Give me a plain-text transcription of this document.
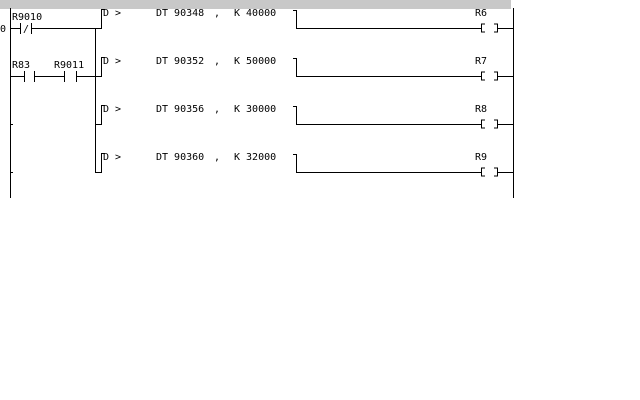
0
R9010
/
R83 R9011
D >	DT 90348 , K 40000	R6
D >	DT 90352 , K 50000	R7
D >	DT 90356 , K 30000	R8
D >	DT 90360 , K 32000	R9
